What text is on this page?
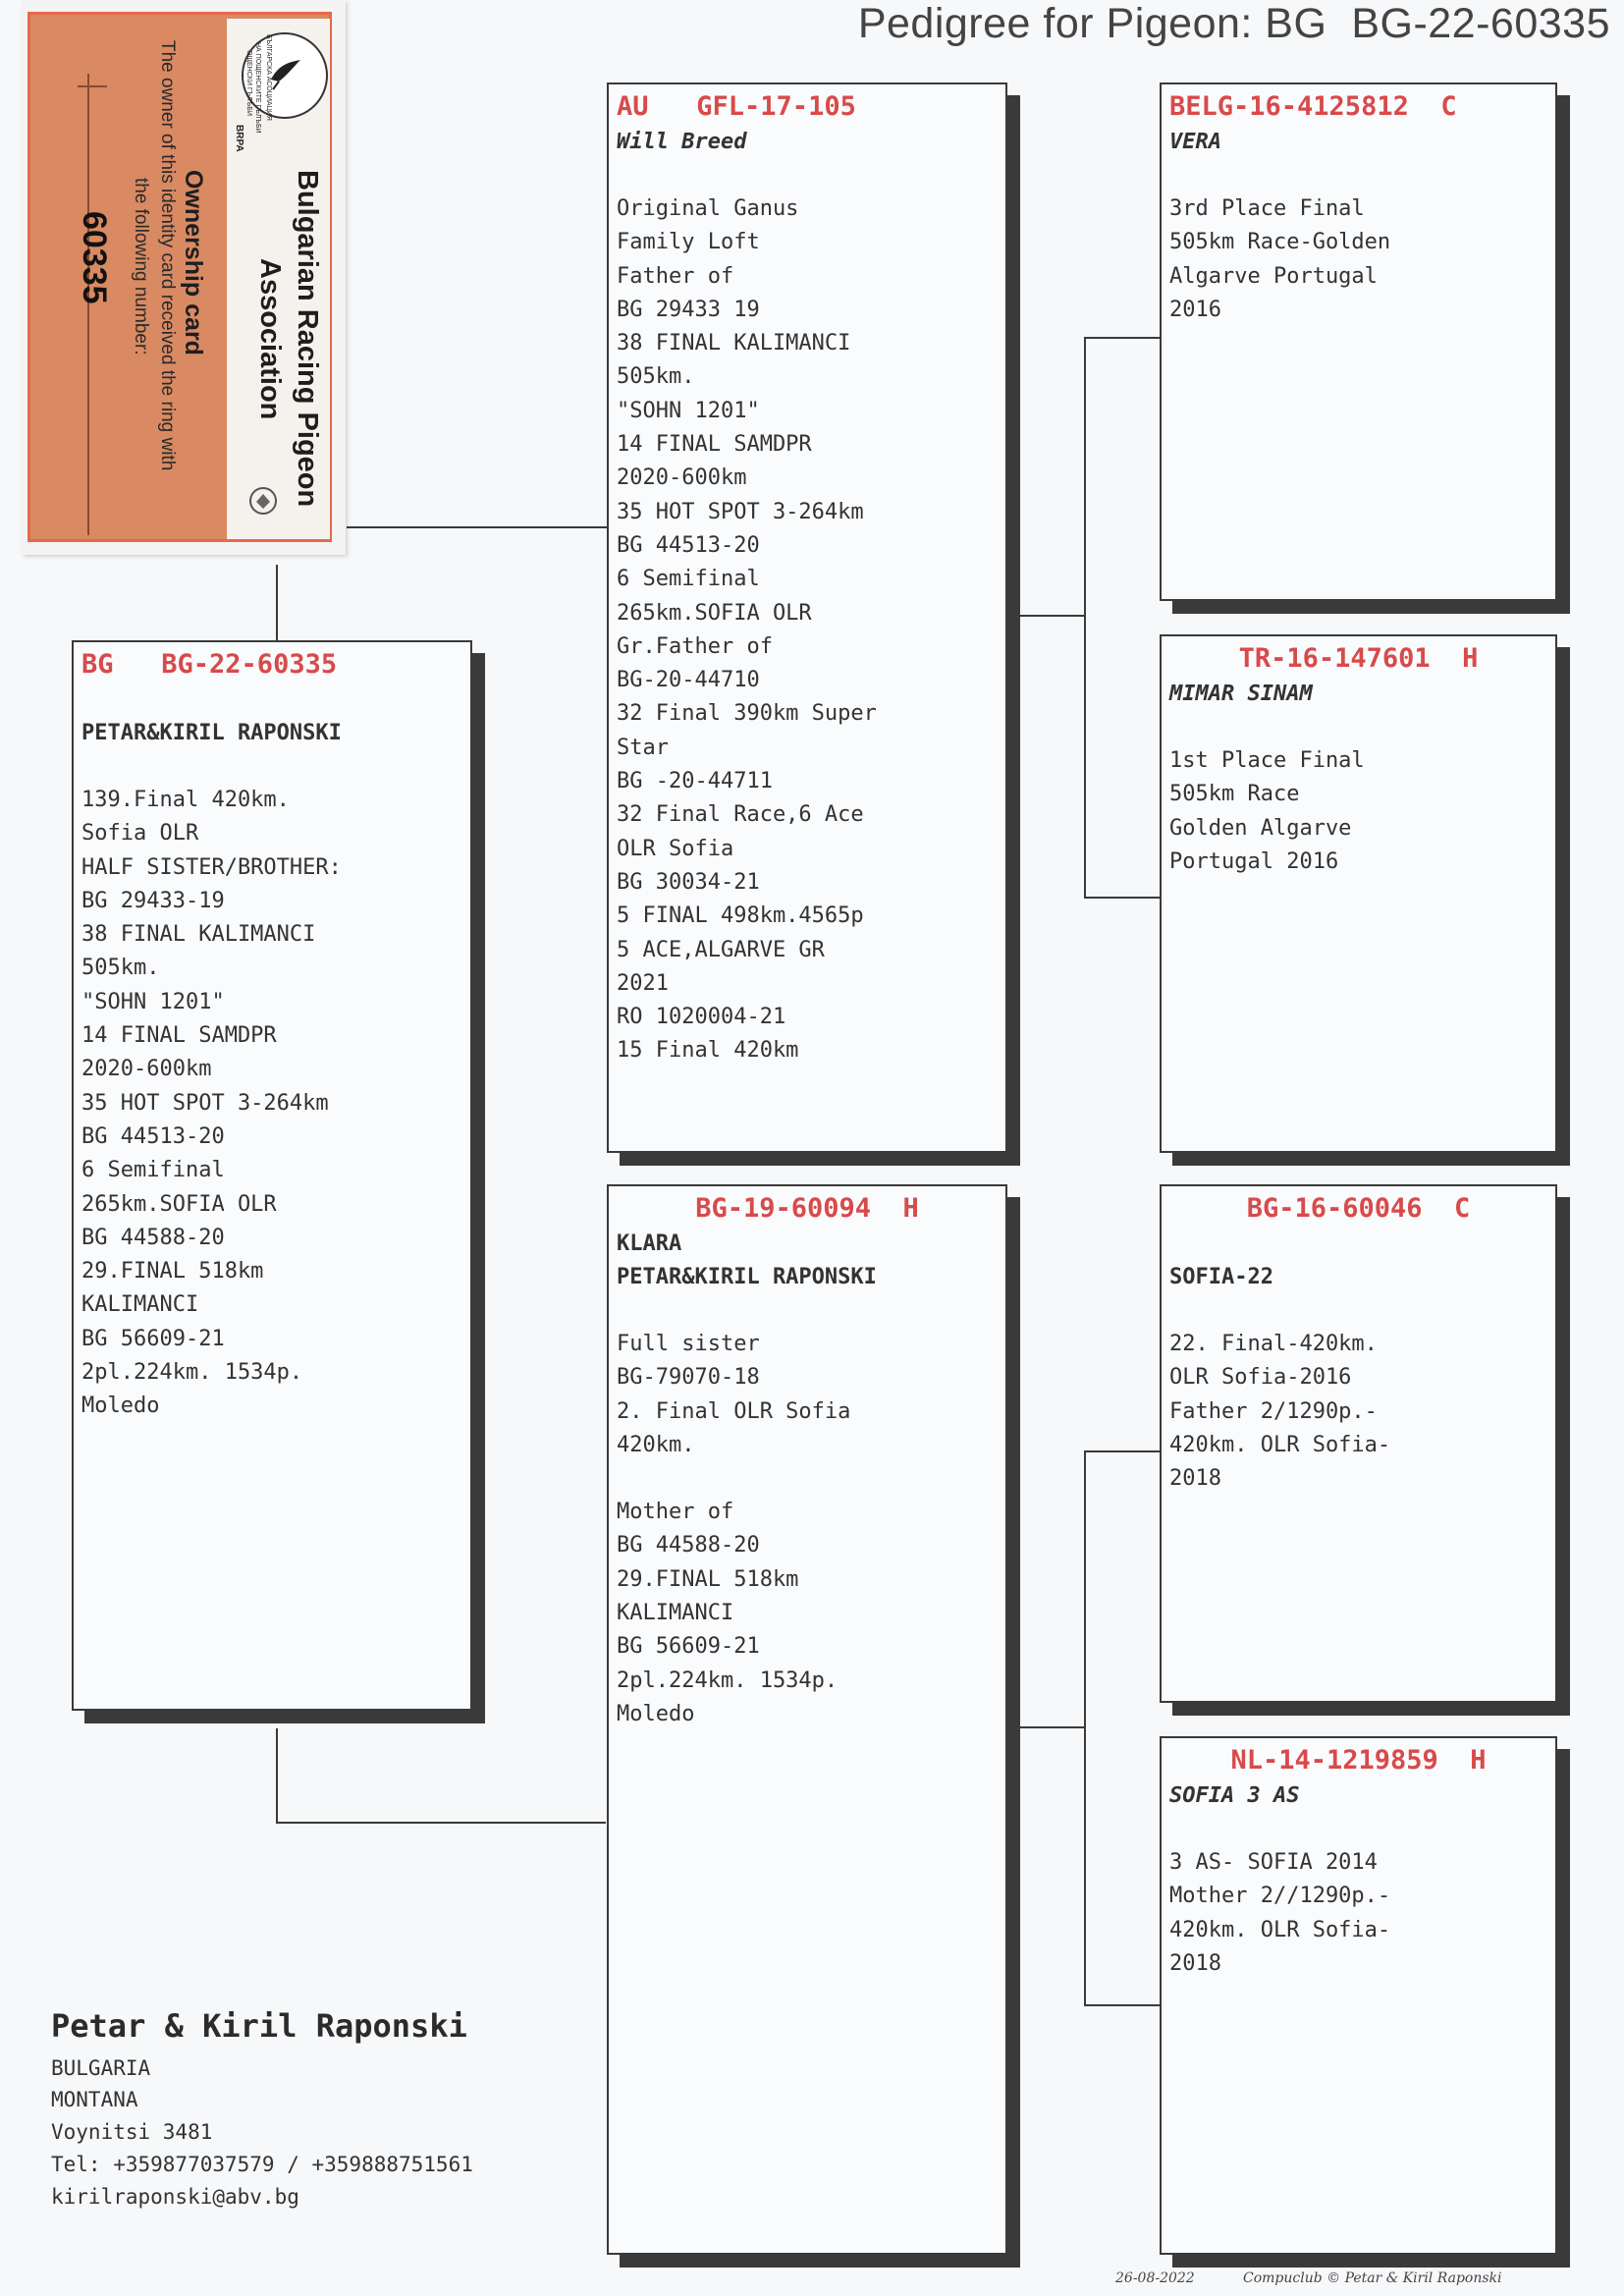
Pedigree for Pigeon: BG  BG-22-60335
BRPA
БЪЛГАРСКА АСОЦИАЦИЯ
НА ПОЩЕНСКИТЕ ГЪЛЪБИ
ОЩЕНСКИ ГЪЛЪБИ
Bulgarian Racing Pigeon
Association
Ownership card
The owner of this identity card received the ring with
the following number:
60335
BG   BG-22-60335
PETAR&KIRIL RAPONSKI
139.Final 420km.
Sofia OLR
HALF SISTER/BROTHER:
BG 29433-19
38 FINAL KALIMANCI
505km.
"SOHN 1201"
14 FINAL SAMDPR
2020-600km
35 HOT SPOT 3-264km
BG 44513-20
6 Semifinal
265km.SOFIA OLR
BG 44588-20
29.FINAL 518km
KALIMANCI
BG 56609-21
2pl.224km. 1534p.
Moledo
AU   GFL-17-105
Will Breed
Original Ganus
Family Loft
Father of
BG 29433 19
38 FINAL KALIMANCI
505km.
"SOHN 1201"
14 FINAL SAMDPR
2020-600km
35 HOT SPOT 3-264km
BG 44513-20
6 Semifinal
265km.SOFIA OLR
Gr.Father of
BG-20-44710
32 Final 390km Super
Star
BG -20-44711
32 Final Race,6 Ace
OLR Sofia
BG 30034-21
5 FINAL 498km.4565p
5 ACE,ALGARVE GR
2021
RO 1020004-21
15 Final 420km
BG-19-60094  H
KLARA
PETAR&KIRIL RAPONSKI
Full sister
BG-79070-18
2. Final OLR Sofia
420km.
Mother of
BG 44588-20
29.FINAL 518km
KALIMANCI
BG 56609-21
2pl.224km. 1534p.
Moledo
BELG-16-4125812  C
VERA
3rd Place Final
505km Race-Golden
Algarve Portugal
2016
TR-16-147601  H
MIMAR SINAM
1st Place Final
505km Race
Golden Algarve
Portugal 2016
BG-16-60046  C
SOFIA-22
22. Final-420km.
OLR Sofia-2016
Father 2/1290p.-
420km. OLR Sofia-
2018
NL-14-1219859  H
SOFIA 3 AS
3 AS- SOFIA 2014
Mother 2//1290p.-
420km. OLR Sofia-
2018
Petar & Kiril Raponski
BULGARIA
MONTANA
Voynitsi 3481
Tel: +359877037579 / +359888751561
kirilraponski@abv.bg
26-08-2022	Compuclub © Petar & Kiril Raponski
